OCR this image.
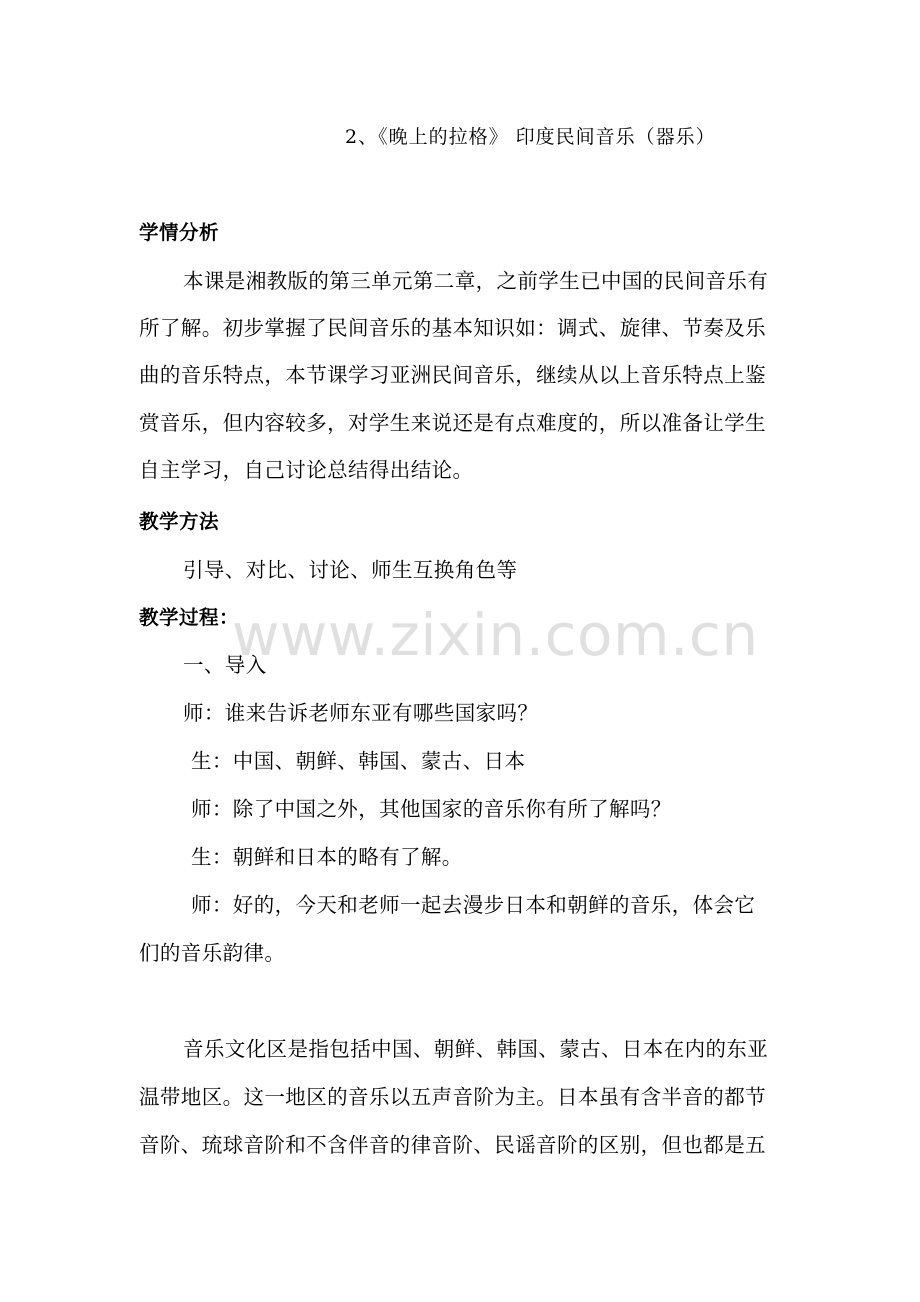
www.zixin.com.cn
2、《晚上的拉格》 印度民间音乐（器乐）
学情分析
本课是湘教版的第三单元第二章，之前学生已中国的民间音乐有
所了解。初步掌握了民间音乐的基本知识如：调式、旋律、节奏及乐
曲的音乐特点，本节课学习亚洲民间音乐，继续从以上音乐特点上鉴
赏音乐，但内容较多，对学生来说还是有点难度的，所以准备让学生
自主学习，自己讨论总结得出结论。
教学方法
引导、对比、讨论、师生互换角色等
教学过程：
一、导入
师：谁来告诉老师东亚有哪些国家吗？
生：中国、朝鲜、韩国、蒙古、日本
师：除了中国之外，其他国家的音乐你有所了解吗？
生：朝鲜和日本的略有了解。
师：好的，今天和老师一起去漫步日本和朝鲜的音乐，体会它
们的音乐韵律。
音乐文化区是指包括中国、朝鲜、韩国、蒙古、日本在内的东亚
温带地区。这一地区的音乐以五声音阶为主。日本虽有含半音的都节
音阶、琉球音阶和不含伴音的律音阶、民谣音阶的区别，但也都是五
